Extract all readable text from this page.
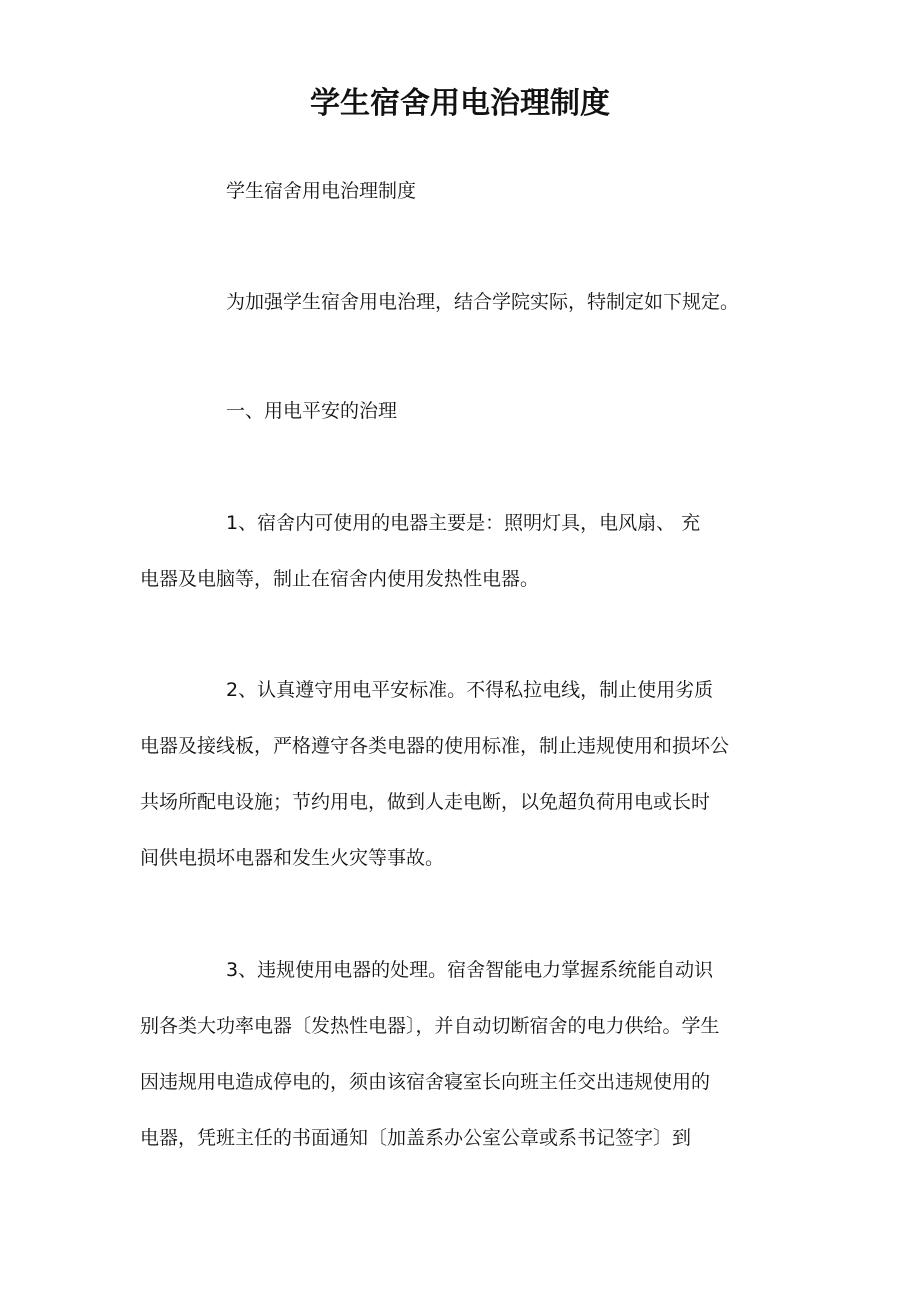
学生宿舍用电治理制度
学生宿舍用电治理制度
为加强学生宿舍用电治理，结合学院实际，特制定如下规定。
一、用电平安的治理
1、宿舍内可使用的电器主要是：照明灯具，电风扇、 充
电器及电脑等，制止在宿舍内使用发热性电器。
2、认真遵守用电平安标准。不得私拉电线，制止使用劣质
电器及接线板，严格遵守各类电器的使用标准，制止违规使用和损坏公
共场所配电设施；节约用电，做到人走电断，以免超负荷用电或长时
间供电损坏电器和发生火灾等事故。
3、违规使用电器的处理。宿舍智能电力掌握系统能自动识
别各类大功率电器〔发热性电器〕，并自动切断宿舍的电力供给。学生
因违规用电造成停电的，须由该宿舍寝室长向班主任交出违规使用的
电器，凭班主任的书面通知〔加盖系办公室公章或系书记签字〕到
